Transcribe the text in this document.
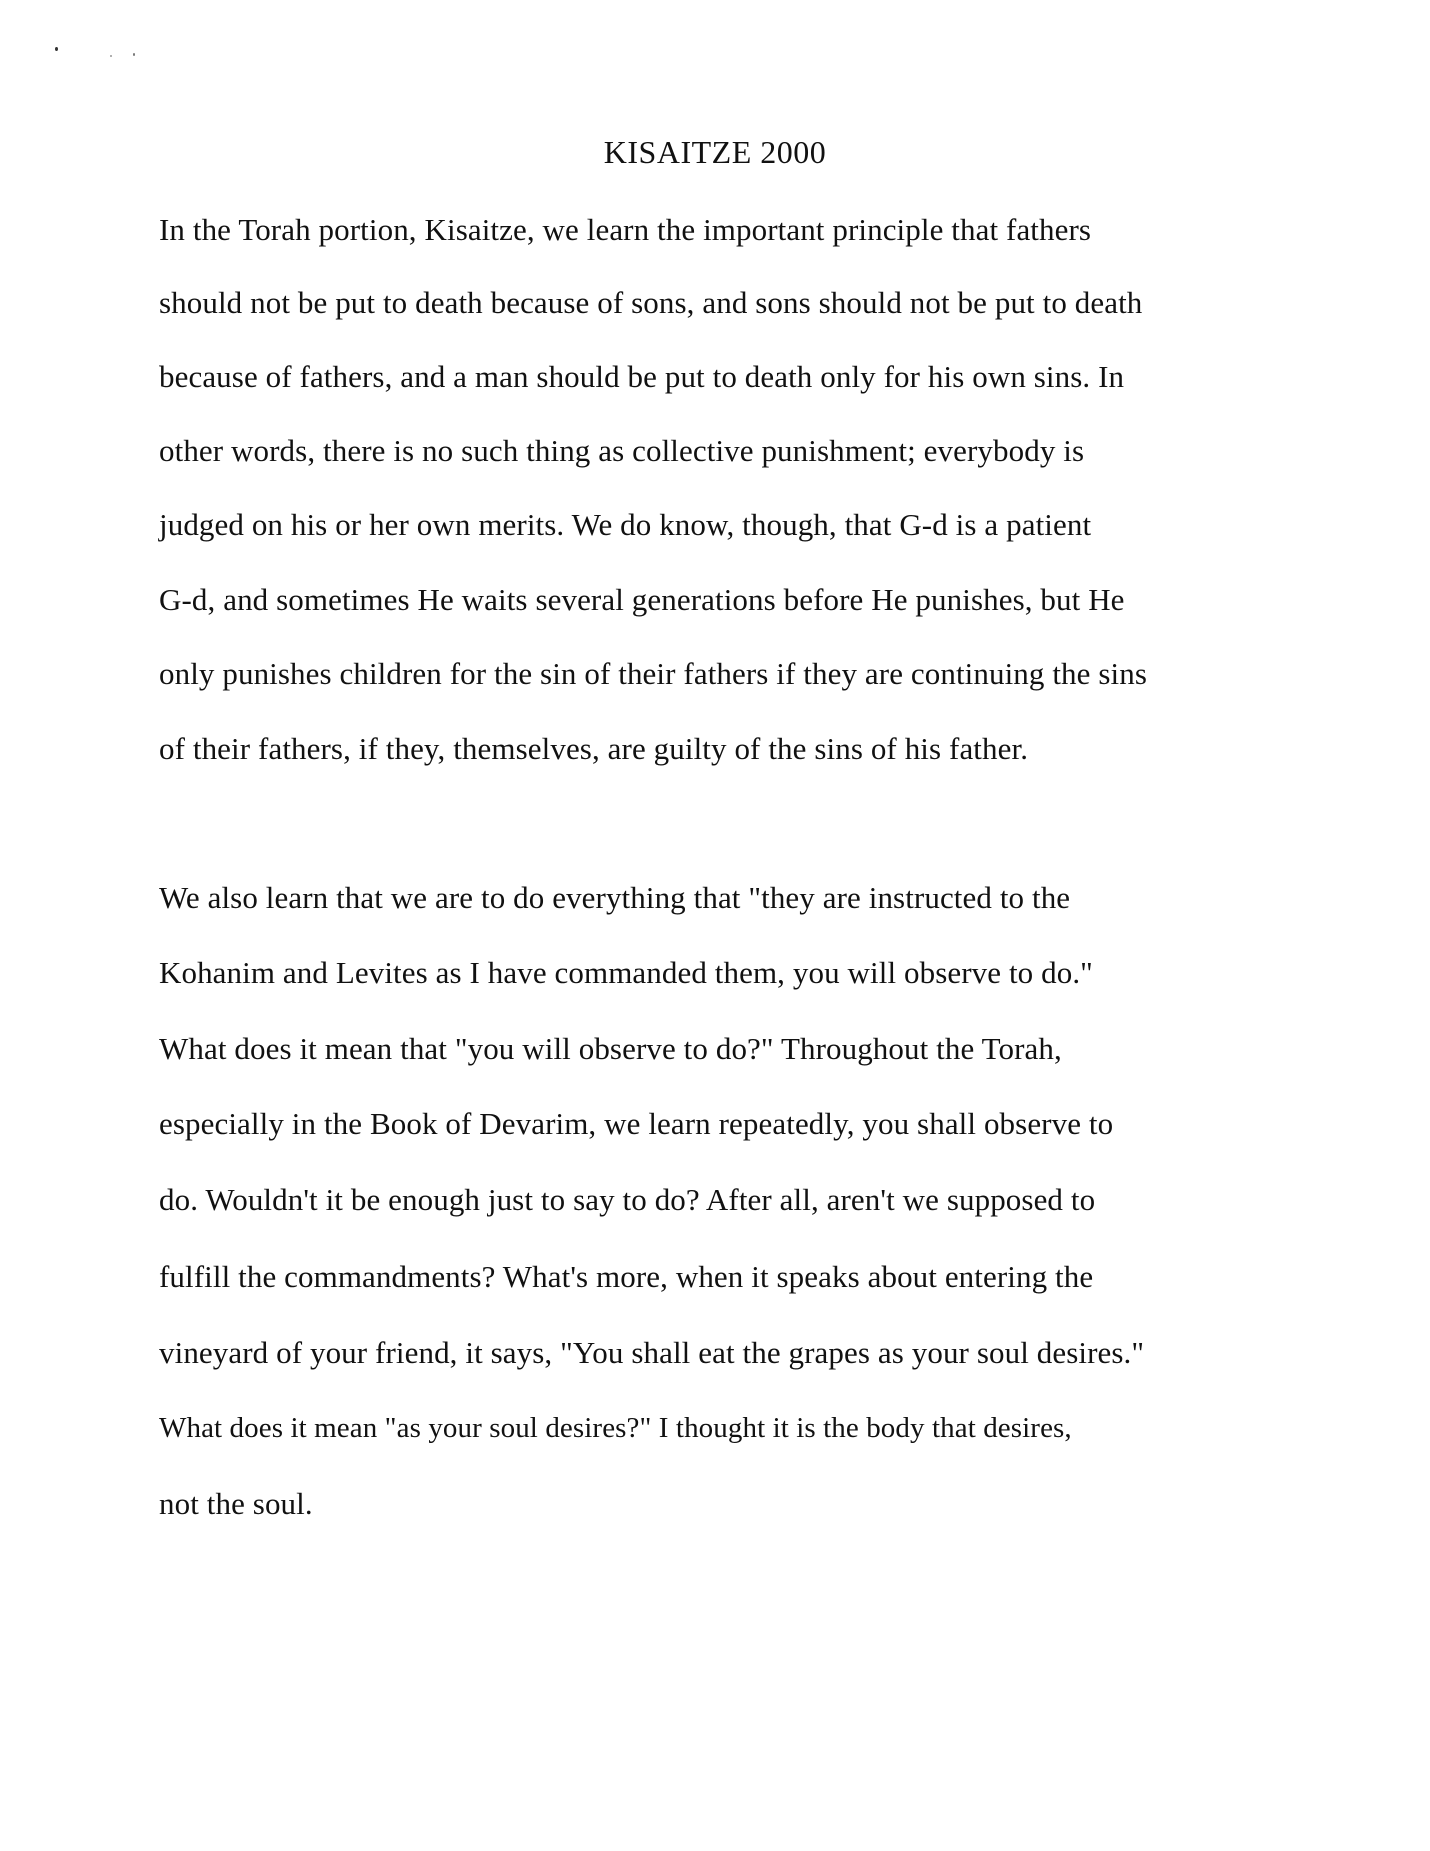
KISAITZE 2000
In the Torah portion, Kisaitze, we learn the important principle that fathers
should not be put to death because of sons, and sons should not be put to death
because of fathers, and a man should be put to death only for his own sins. In
other words, there is no such thing as collective punishment; everybody is
judged on his or her own merits. We do know, though, that G-d is a patient
G-d, and sometimes He waits several generations before He punishes, but He
only punishes children for the sin of their fathers if they are continuing the sins
of their fathers, if they, themselves, are guilty of the sins of his father.
We also learn that we are to do everything that "they are instructed to the
Kohanim and Levites as I have commanded them, you will observe to do."
What does it mean that "you will observe to do?" Throughout the Torah,
especially in the Book of Devarim, we learn repeatedly, you shall observe to
do. Wouldn't it be enough just to say to do? After all, aren't we supposed to
fulfill the commandments? What's more, when it speaks about entering the
vineyard of your friend, it says, "You shall eat the grapes as your soul desires."
What does it mean "as your soul desires?" I thought it is the body that desires,
not the soul.
